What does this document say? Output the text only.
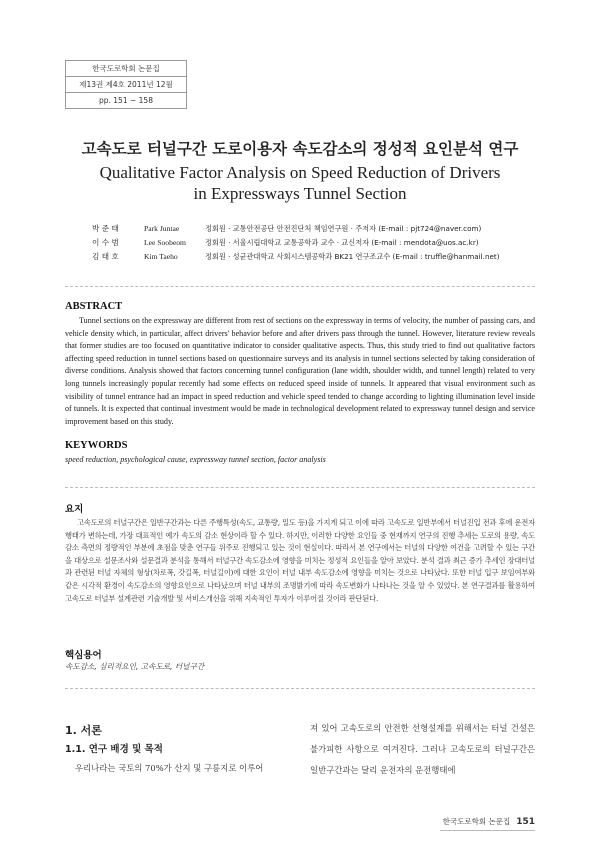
한국도로학회 논문집
제13권 제4호 2011년 12월
pp. 151 ~ 158
고속도로 터널구간 도로이용자 속도감소의 정성적 요인분석 연구
Qualitative Factor Analysis on Speed Reduction of Drivers
in Expressways Tunnel Section
박 준 태	Park Juntae	정회원 · 교통안전공단 안전진단처 책임연구원 · 주저자 (E-mail : pjt724@naver.com)
이 수 범	Lee Soobeom	정회원 · 서울시립대학교 교통공학과 교수 · 교신저자 (E-mail : mendota@uos.ac.kr)
김 태 호	Kim Taeho	정회원 · 성균관대학교 사회시스템공학과 BK21 연구조교수 (E-mail : truffle@hanmail.net)
ABSTRACT
Tunnel sections on the expressway are different from rest of sections on the expressway in terms of velocity, the number of passing cars, and vehicle density which, in particular, affect drivers' behavior before and after drivers pass through the tunnel. However, literature review reveals that former studies are too focused on quantitative indicator to consider qualitative aspects. Thus, this study tried to find out qualitative factors affecting speed reduction in tunnel sections based on questionnaire surveys and its analysis in tunnel sections selected by taking consideration of diverse conditions. Analysis showed that factors concerning tunnel configuration (lane width, shoulder width, and tunnel length) related to very long tunnels increasingly popular recently had some effects on reduced speed inside of tunnels. It appeared that visual environment such as visibility of tunnel entrance had an impact in speed reduction and vehicle speed tended to change according to lighting illumination level inside of tunnels. It is expected that continual investment would be made in technological development related to expressway tunnel design and service improvement based on this study.
KEYWORDS
speed reduction, psychological cause, expressway tunnel section, factor analysis
요지
고속도로의 터널구간은 일반구간과는 다른 주행특성(속도, 교통량, 밀도 등)을 가지게 되고 이에 따라 고속도로 일반부에서 터널진입 전과 후에 운전자 행태가 변하는데, 가장 대표적인 예가 속도의 감소 현상이라 할 수 있다. 하지만, 이러한 다양한 요인들 중 현재까지 연구의 진행 추세는 도로의 용량, 속도감소 측면의 정량적인 부분에 초점을 맞춘 연구들 위주로 진행되고 있는 것이 현실이다. 따라서 본 연구에서는 터널의 다양한 여건을 고려할 수 있는 구간을 대상으로 설문조사와 설문결과 분석을 통해서 터널구간 속도감소에 영향을 미치는 정성적 요인들을 알아 보았다. 분석 결과 최근 증가 추세인 장대터널과 관련된 터널 자체의 형상(차로폭, 갓길폭, 터널길이)에 대한 요인이 터널 내부 속도감소에 영향을 미치는 것으로 나타났다. 또한 터널 입구 보임여부와 같은 시각적 환경이 속도감소의 영향요인으로 나타났으며 터널 내부의 조명밝기에 따라 속도변화가 나타나는 것을 알 수 있었다. 본 연구결과를 활용하여 고속도로 터널부 설계관련 기술개발 및 서비스개선을 위해 지속적인 투자가 이루어질 것이라 판단된다.
핵심용어
속도감소, 심리적요인, 고속도로, 터널구간
1. 서론
1.1. 연구 배경 및 목적
우리나라는 국토의 70%가 산지 및 구릉지로 이루어
져 있어 고속도로의 안전한 선형설계를 위해서는 터널 건설은 불가피한 사항으로 여겨진다. 그러나 고속도로의 터널구간은 일반구간과는 달리 운전자의 운전행태에
한국도로학회 논문집 151
